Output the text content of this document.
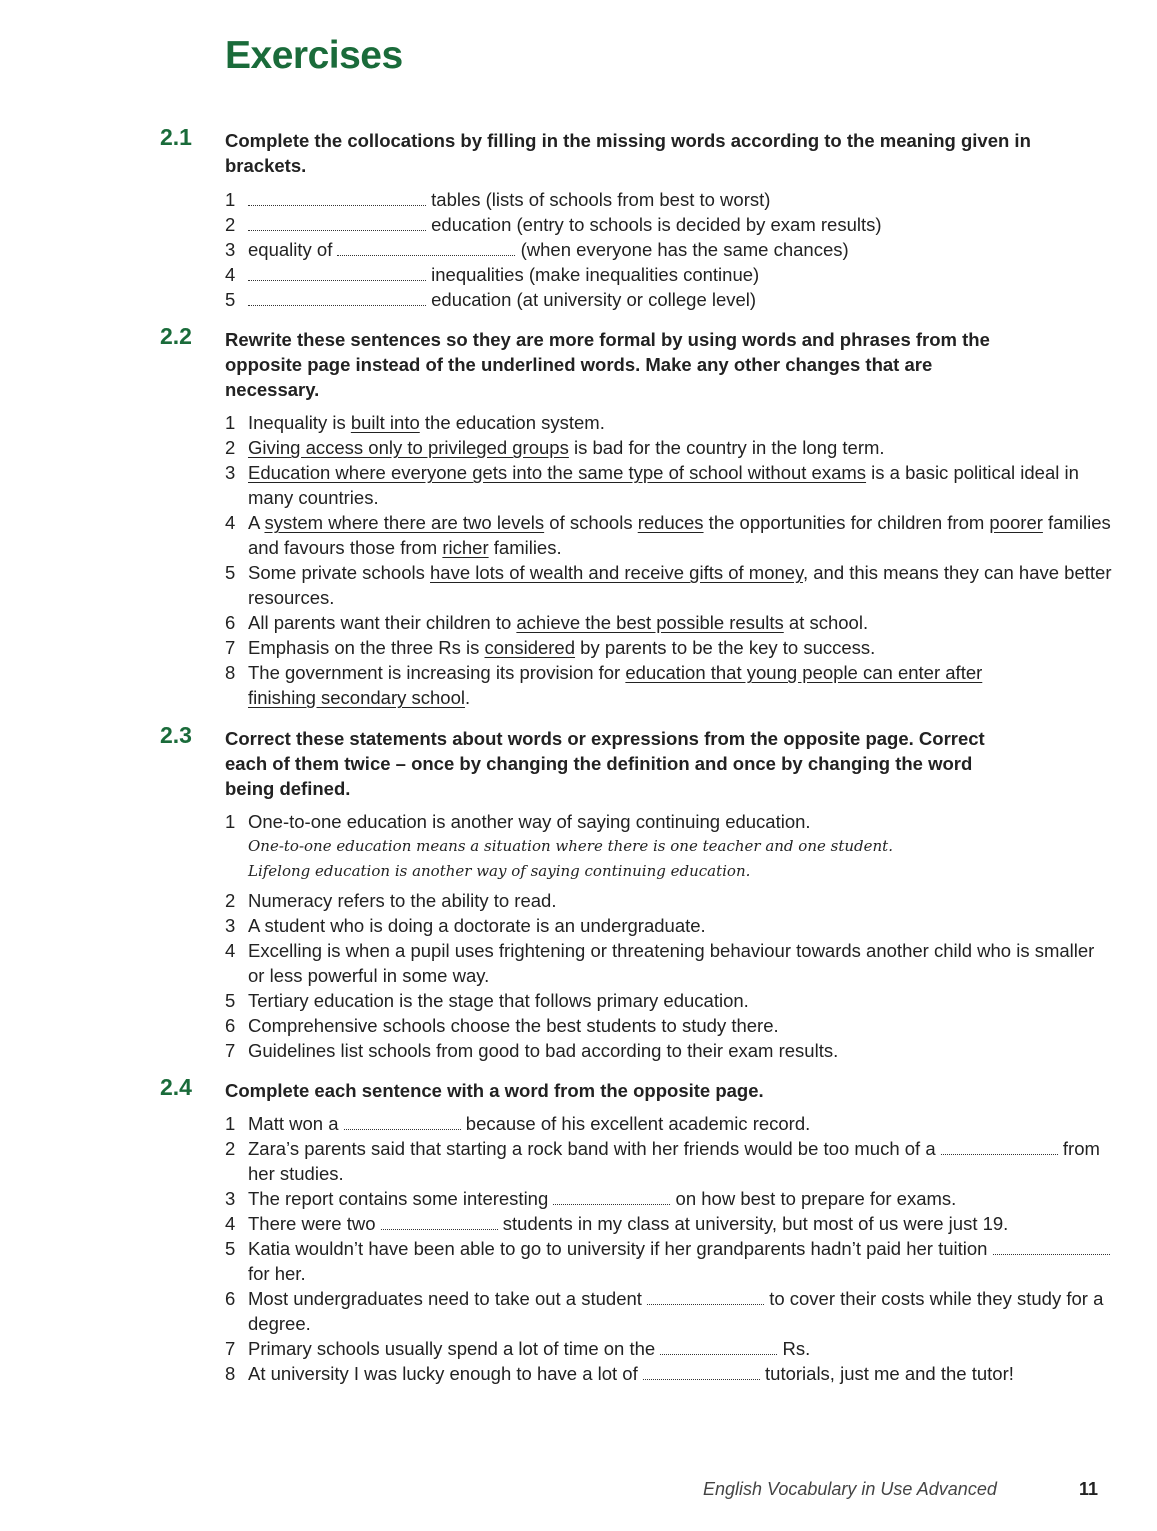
Exercises
2.1 Complete the collocations by filling in the missing words according to the meaning given in brackets.
1	tables (lists of schools from best to worst)
2	education (entry to schools is decided by exam results)
3 equality of	(when everyone has the same chances)
4	inequalities (make inequalities continue)
5	education (at university or college level)
2.2 Rewrite these sentences so they are more formal by using words and phrases from the opposite page instead of the underlined words. Make any other changes that are necessary.
1 Inequality is built into the education system.
2 Giving access only to privileged groups is bad for the country in the long term.
3 Education where everyone gets into the same type of school without exams is a basic political ideal in many countries.
4 A system where there are two levels of schools reduces the opportunities for children from poorer families and favours those from richer families.
5 Some private schools have lots of wealth and receive gifts of money, and this means they can have better resources.
6 All parents want their children to achieve the best possible results at school.
7 Emphasis on the three Rs is considered by parents to be the key to success.
8 The government is increasing its provision for education that young people can enter after finishing secondary school.
2.3 Correct these statements about words or expressions from the opposite page. Correct each of them twice – once by changing the definition and once by changing the word being defined.
1 One-to-one education is another way of saying continuing education.
One-to-one education means a situation where there is one teacher and one student.
Lifelong education is another way of saying continuing education.
2 Numeracy refers to the ability to read.
3 A student who is doing a doctorate is an undergraduate.
4 Excelling is when a pupil uses frightening or threatening behaviour towards another child who is smaller or less powerful in some way.
5 Tertiary education is the stage that follows primary education.
6 Comprehensive schools choose the best students to study there.
7 Guidelines list schools from good to bad according to their exam results.
2.4 Complete each sentence with a word from the opposite page.
1 Matt won a	because of his excellent academic record.
2 Zara’s parents said that starting a rock band with her friends would be too much of a	from her studies.
3 The report contains some interesting	on how best to prepare for exams.
4 There were two	students in my class at university, but most of us were just 19.
5 Katia wouldn’t have been able to go to university if her grandparents hadn’t paid her tuition  for her.
6 Most undergraduates need to take out a student	to cover their costs while they study for a degree.
7 Primary schools usually spend a lot of time on the	Rs.
8 At university I was lucky enough to have a lot of	tutorials, just me and the tutor!
English Vocabulary in Use Advanced	11
